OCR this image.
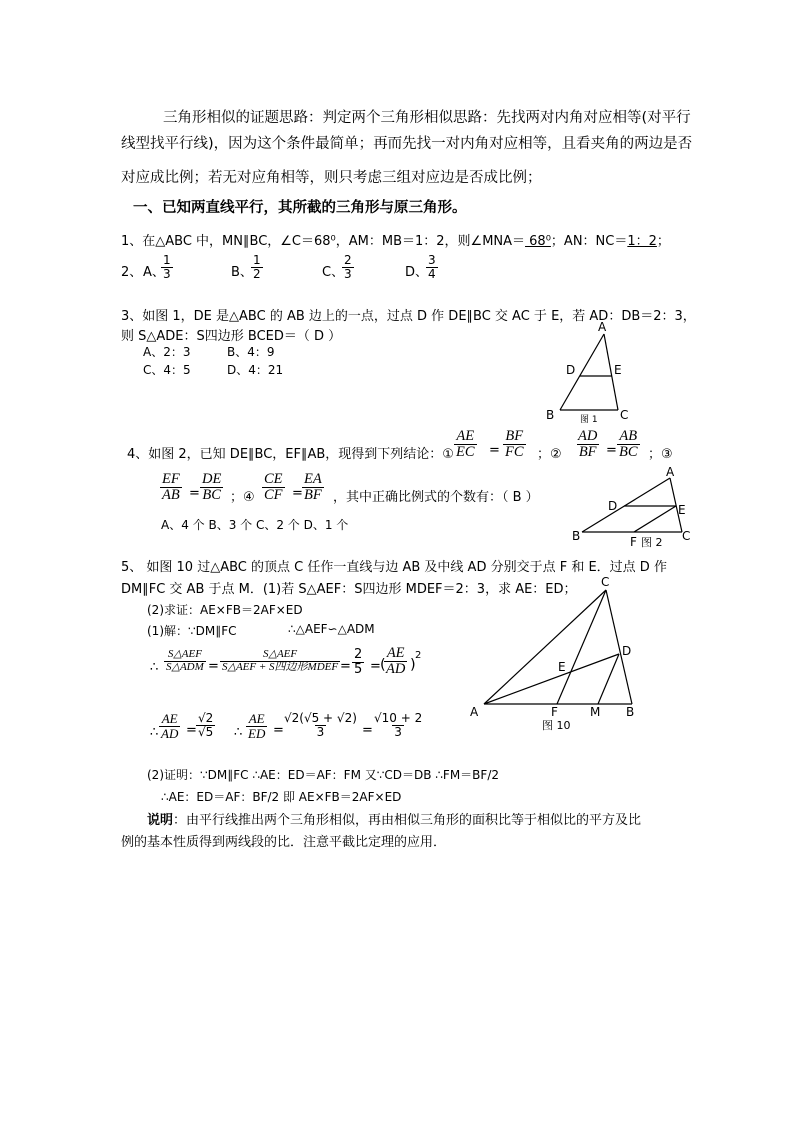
三角形相似的证题思路：判定两个三角形相似思路：先找两对内角对应相等(对平行
线型找平行线)，因为这个条件最简单；再而先找一对内角对应相等，且看夹角的两边是否
对应成比例；若无对应角相等，则只考虑三组对应边是否成比例；
一、已知两直线平行，其所截的三角形与原三角形。
1、在△ABC 中，MN∥BC，∠C＝68⁰，AM：MB＝1：2，则∠MNA＝ 68⁰；AN：NC＝1：2；
2、 A、
$\frac{1}{3}$	B、
$\frac{1}{2}$	C、
$\frac{2}{3}$	D、
$\frac{3}{4}$
3、如图 1，DE 是△ABC 的 AB 边上的一点，过点 D 作 DE∥BC 交 AC 于 E，若 AD：DB＝2：3，
则 S△ADE：S四边形 BCED＝（ D ）
A、2：3	B、4：9
C、4：5	D、4：21
A
D	E
B	C
图 1
4、如图 2，已知 DE∥BC，EF∥AB，现得到下列结论：① $\frac{AE}{EC} = \frac{BF}{FC}$ ；② $\frac{AD}{BF} = \frac{AB}{BC}$ ；③
$\frac{EF}{AB} = \frac{DE}{BC}$ ；④ $\frac{CE}{CF} = \frac{EA}{BF}$ ，其中正确比例式的个数有：（ B ）
A、4 个 B、3 个 C、2 个 D、1 个
A
D	E
B	C
F 图 2
5、 如图 10 过△ABC 的顶点 C 任作一直线与边 AB 及中线 AD 分别交于点 F 和 E．过点 D 作
DM∥FC 交 AB 于点 M．(1)若 S△AEF：S四边形 MDEF＝2：3，求 AE：ED；
(2)求证：AE×FB＝2AF×ED
(1)解：∵DM∥FC	∴△AEF∽△ADM
∴
S△AEF
S△ADM =
S△AEF
S△AEF + S四边形MDEF = $\frac{2}{5}$ = (
$\frac{AE}{AD}$ )
2
∴ $\frac{AE}{AD} = \frac{√2}{√5}$ ∴ $\frac{AE}{ED}$ =
$\frac{√2(√5 + √2)}{3} = \frac{√10 + 2}{3}$
(2)证明：∵DM∥FC ∴AE：ED＝AF：FM 又∵CD＝DB ∴FM＝BF/2
∴AE：ED＝AF：BF/2 即 AE×FB＝2AF×ED
C
D
E
A	F	M B
图 10
说明：由平行线推出两个三角形相似，再由相似三角形的面积比等于相似比的平方及比
例的基本性质得到两线段的比．注意平截比定理的应用．
